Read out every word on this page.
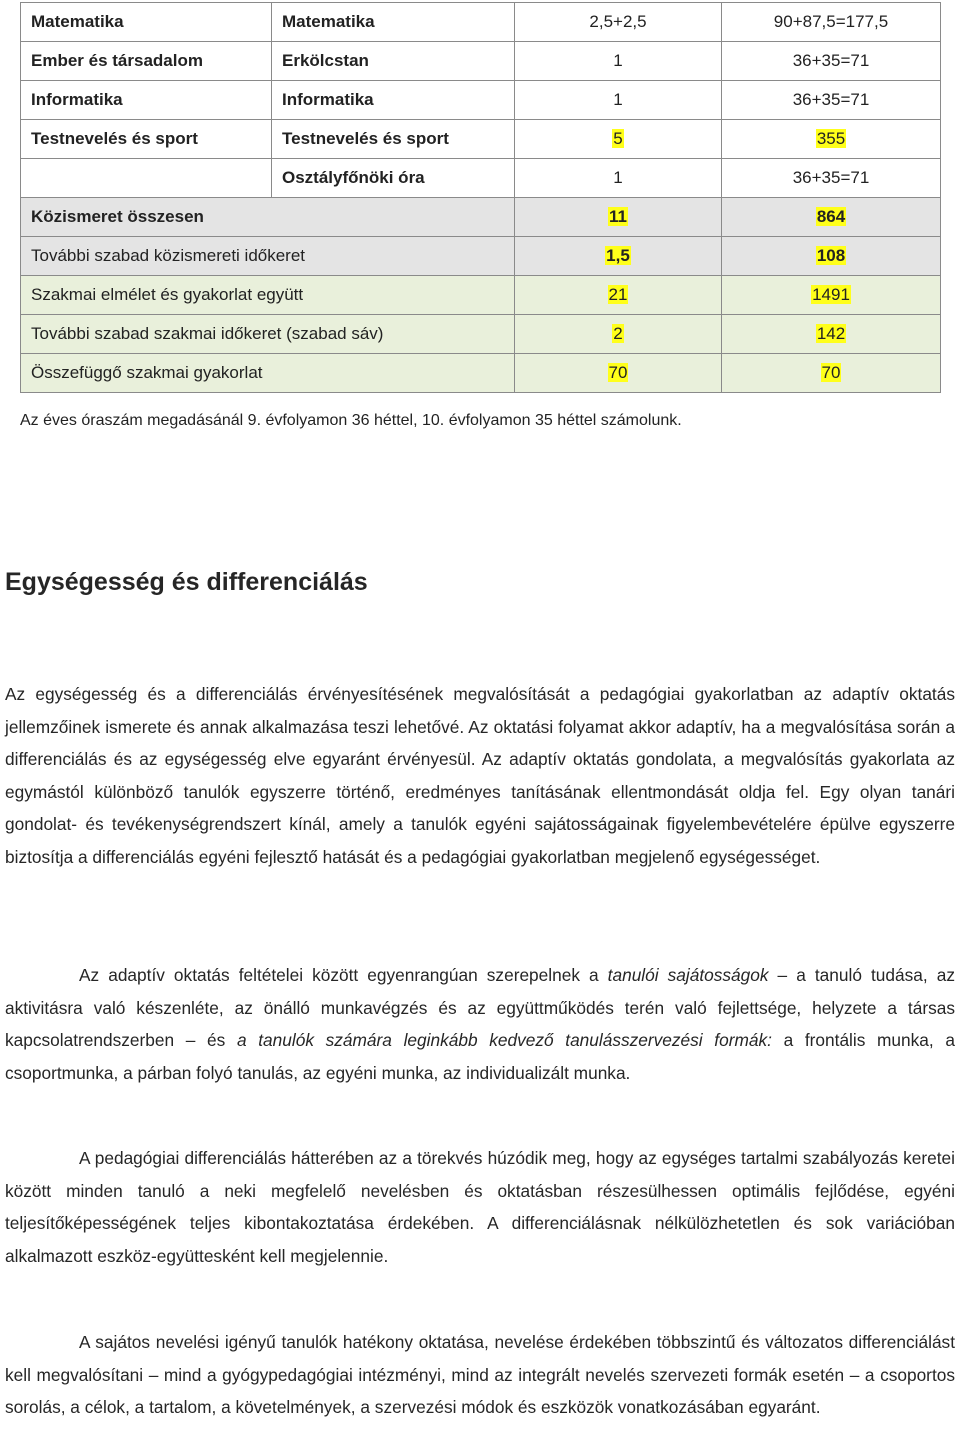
Matematika	Matematika	2,5+2,5	90+87,5=177,5
Ember és társadalom	Erkölcstan	1	36+35=71
Informatika	Informatika	1	36+35=71
Testnevelés és sport	Testnevelés és sport	5	355
	Osztályfőnöki óra	1	36+35=71
Közismeret összesen		11	864
További szabad közismereti időkeret		1,5	108
Szakmai elmélet és gyakorlat együtt		21	1491
További szabad szakmai időkeret (szabad sáv)		2	142
Összefüggő szakmai gyakorlat		70	70
Az éves óraszám megadásánál 9. évfolyamon 36 héttel, 10. évfolyamon 35 héttel számolunk.
Egységesség és differenciálás

Az egységesség és a differenciálás érvényesítésének megvalósítását a pedagógiai gyakorlatban az adaptív oktatás jellemzőinek ismerete és annak alkalmazása teszi lehetővé. Az oktatási folyamat akkor adaptív, ha a megvalósítása során a differenciálás és az egységesség elve egyaránt érvényesül. Az adaptív oktatás gondolata, a megvalósítás gyakorlata az egymástól különböző tanulók egyszerre történő, eredményes tanításának ellentmondását oldja fel. Egy olyan tanári gondolat- és tevékenységrendszert kínál, amely a tanulók egyéni sajátosságainak figyelembevételére épülve egyszerre biztosítja a differenciálás egyéni fejlesztő hatását és a pedagógiai gyakorlatban megjelenő egységességet.

Az adaptív oktatás feltételei között egyenrangúan szerepelnek a tanulói sajátosságok – a tanuló tudása, az aktivitásra való készenléte, az önálló munkavégzés és az együttműködés terén való fejlettsége, helyzete a társas kapcsolatrendszerben – és a tanulók számára leginkább kedvező tanulásszervezési formák: a frontális munka, a csoportmunka, a párban folyó tanulás, az egyéni munka, az individualizált munka.

A pedagógiai differenciálás hátterében az a törekvés húzódik meg, hogy az egységes tartalmi szabályozás keretei között minden tanuló a neki megfelelő nevelésben és oktatásban részesülhessen optimális fejlődése, egyéni teljesítőképességének teljes kibontakoztatása érdekében. A differenciálásnak nélkülözhetetlen és sok variációban alkalmazott eszköz-együttesként kell megjelennie.

A sajátos nevelési igényű tanulók hatékony oktatása, nevelése érdekében többszintű és változatos differenciálást kell megvalósítani – mind a gyógypedagógiai intézményi, mind az integrált nevelés szervezeti formák esetén – a csoportos sorolás, a célok, a tartalom, a követelmények, a szervezési módok és eszközök vonatkozásában egyaránt.
